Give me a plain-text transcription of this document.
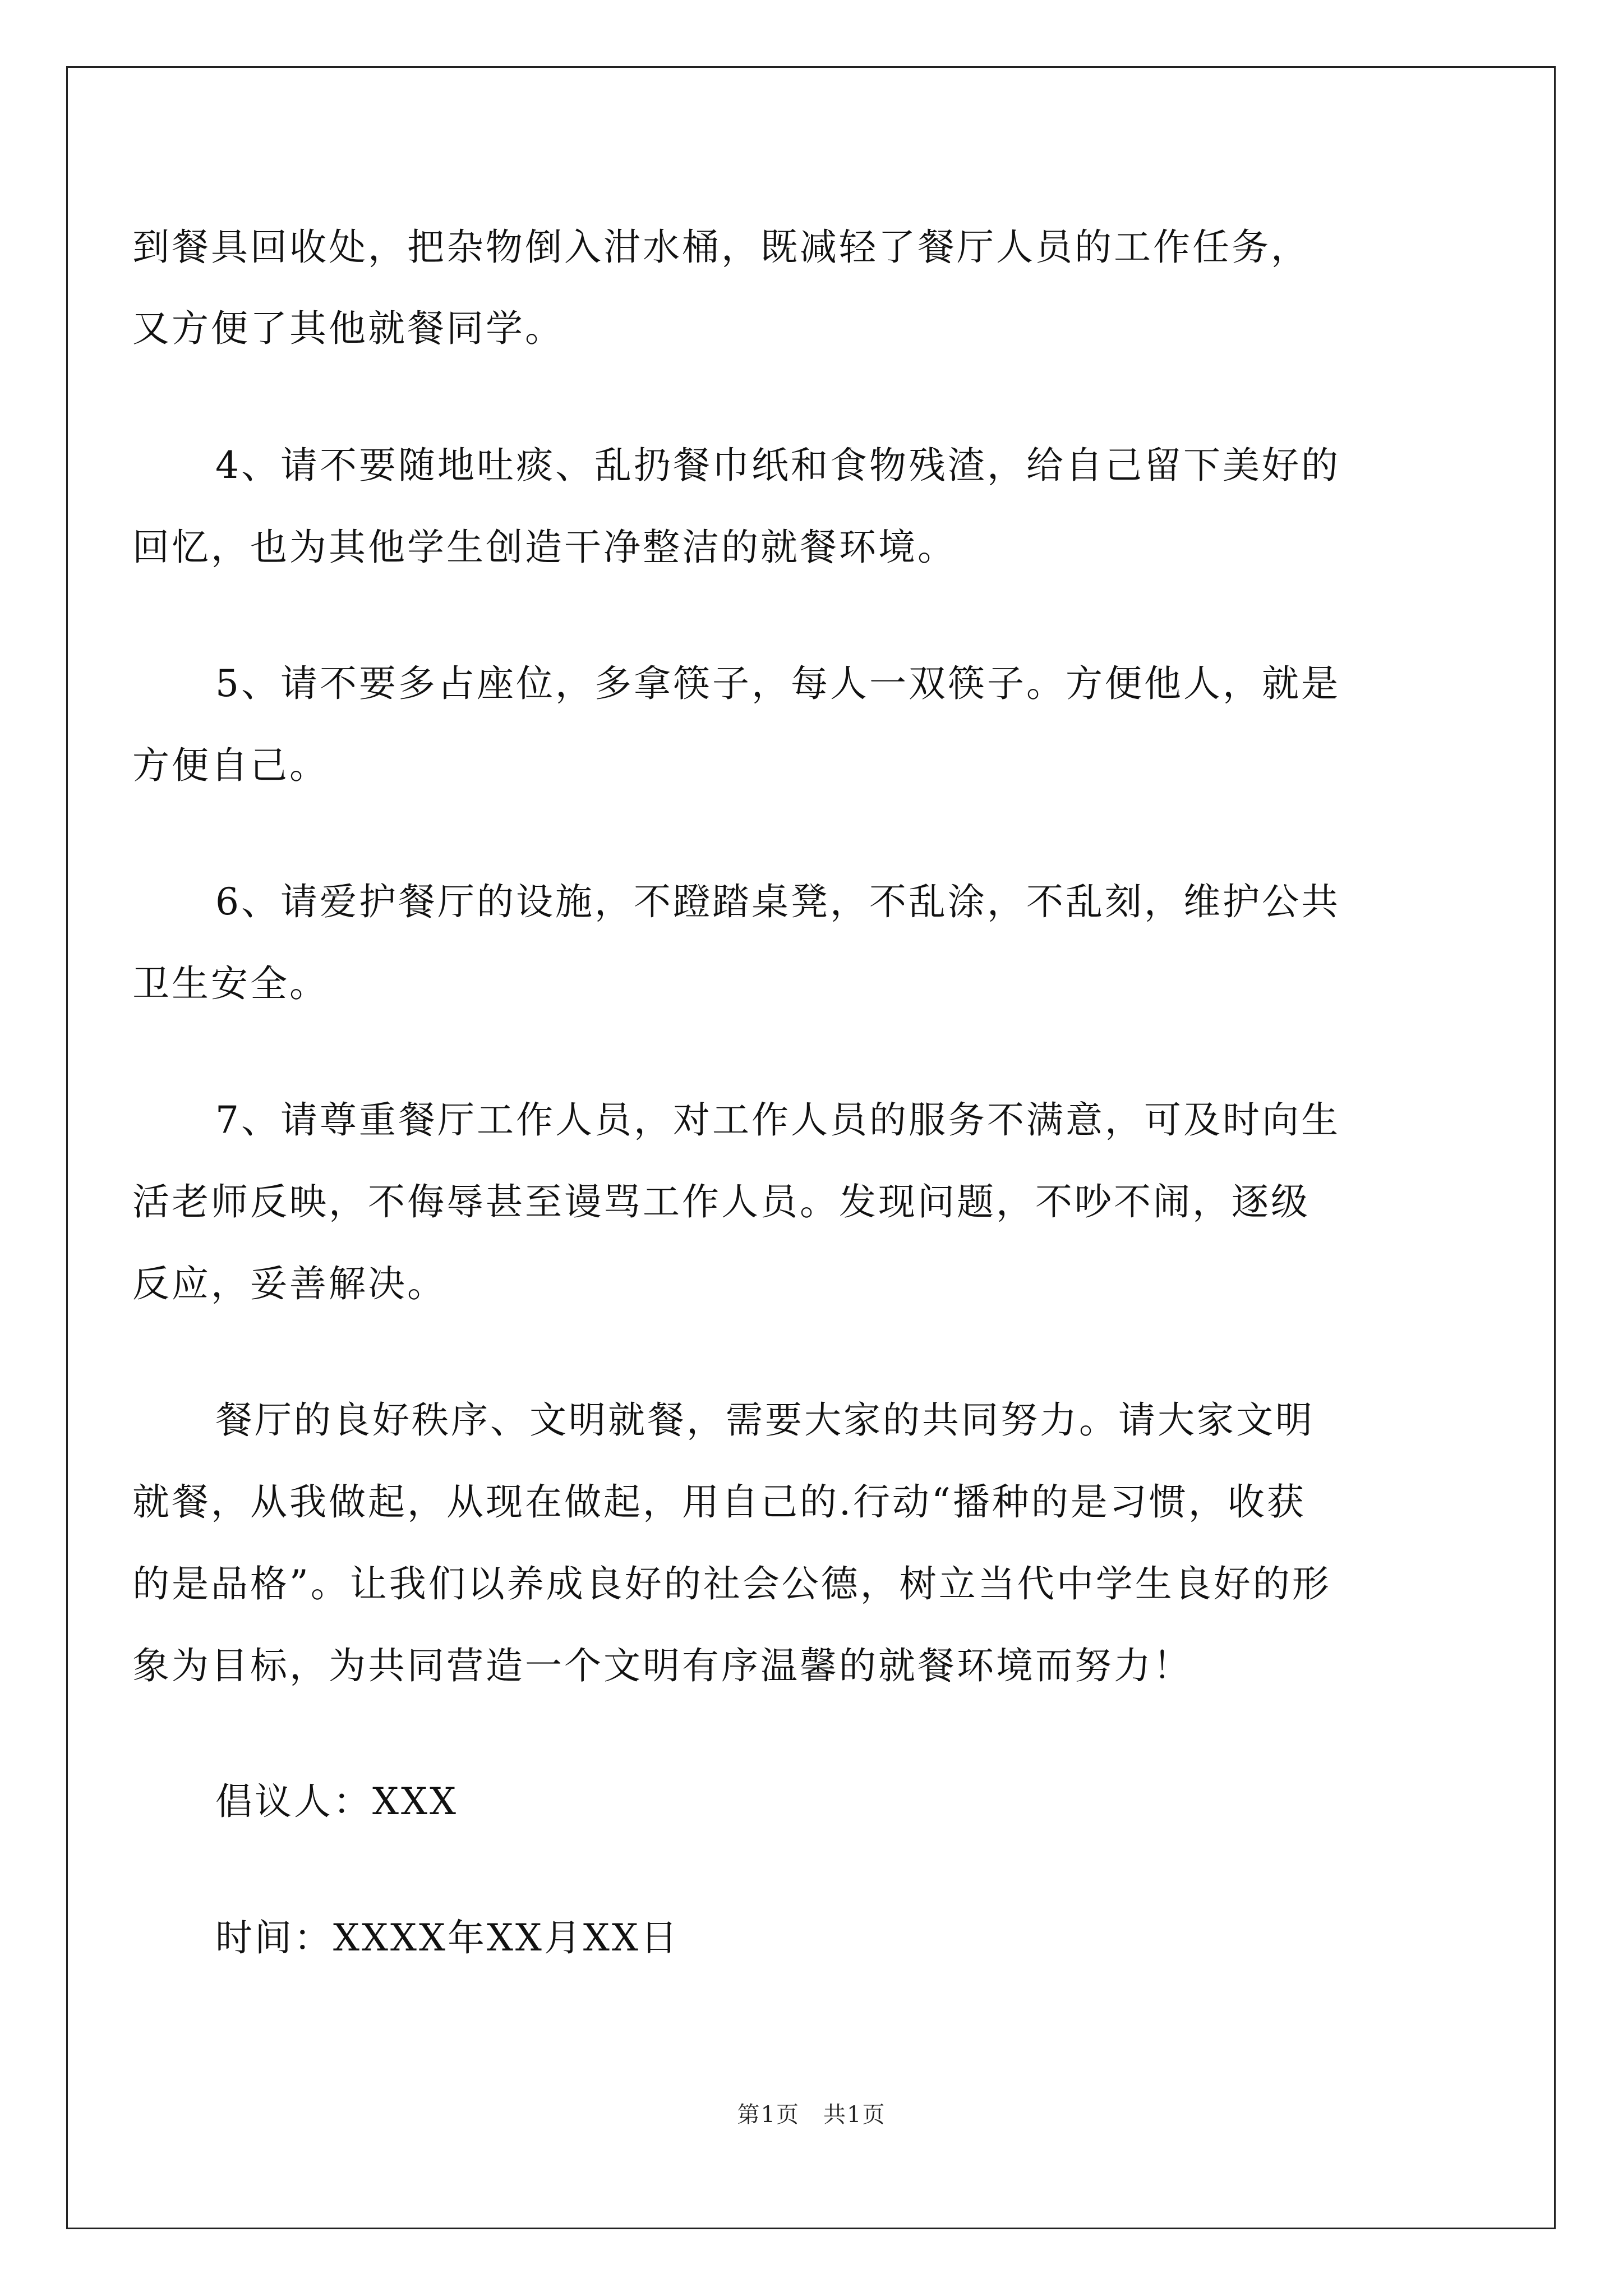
到餐具回收处，把杂物倒入泔水桶，既减轻了餐厅人员的工作任务，
又方便了其他就餐同学。
4、请不要随地吐痰、乱扔餐巾纸和食物残渣，给自己留下美好的
回忆，也为其他学生创造干净整洁的就餐环境。
5、请不要多占座位，多拿筷子，每人一双筷子。方便他人，就是
方便自己。
6、请爱护餐厅的设施，不蹬踏桌凳，不乱涂，不乱刻，维护公共
卫生安全。
7、请尊重餐厅工作人员，对工作人员的服务不满意，可及时向生
活老师反映，不侮辱甚至谩骂工作人员。发现问题，不吵不闹，逐级
反应，妥善解决。
餐厅的良好秩序、文明就餐，需要大家的共同努力。请大家文明
就餐，从我做起，从现在做起，用自己的.行动“播种的是习惯，收获
的是品格”。让我们以养成良好的社会公德，树立当代中学生良好的形
象为目标，为共同营造一个文明有序温馨的就餐环境而努力！
倡议人：XXX
时间：XXXX年XX月XX日
第1页　共1页
